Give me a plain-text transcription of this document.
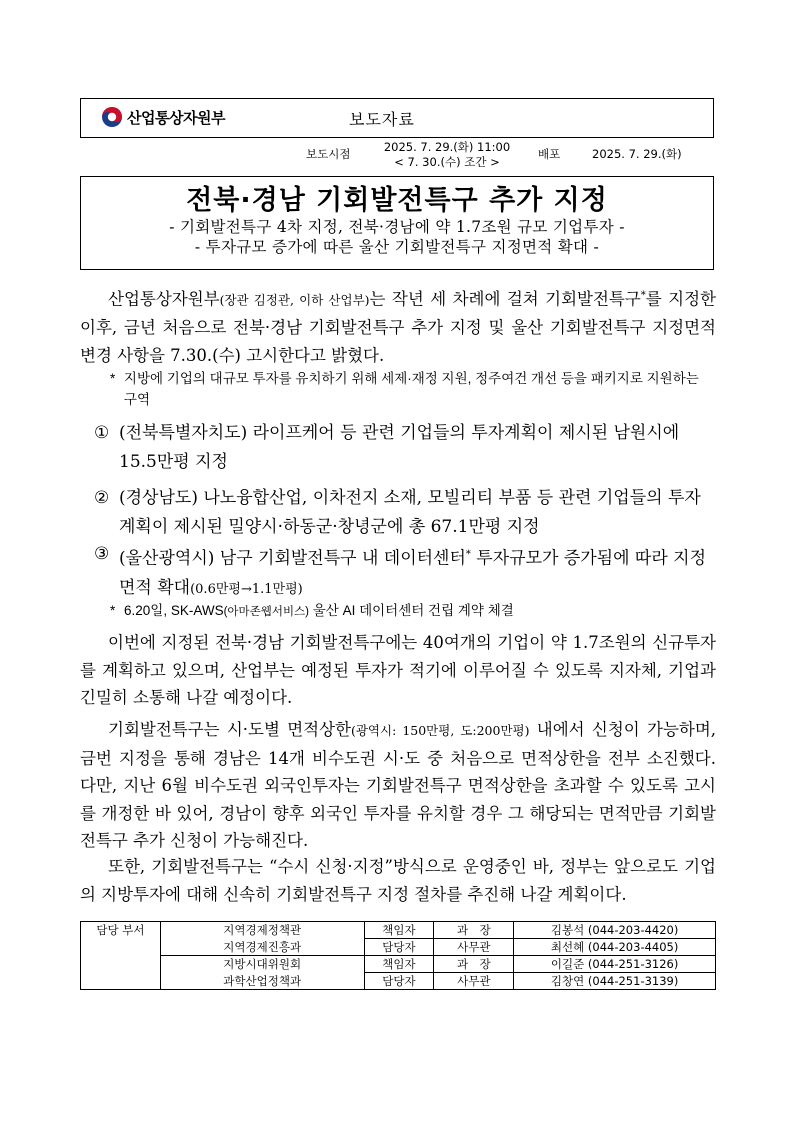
산업통상자원부	보도자료
보도시점	2025. 7. 29.(화) 11:00
< 7. 30.(수) 조간 >
배포	2025. 7. 29.(화)
전북·경남 기회발전특구 추가 지정
- 기회발전특구 4차 지정, 전북·경남에 약 1.7조원 규모 기업투자 -
- 투자규모 증가에 따른 울산 기회발전특구 지정면적 확대 -
산업통상자원부(장관 김정관, 이하 산업부)는 작년 세 차례에 걸쳐 기회발전특구*를 지정한 이후, 금년 처음으로 전북·경남 기회발전특구 추가 지정 및 울산 기회발전특구 지정면적 변경 사항을 7.30.(수) 고시한다고 밝혔다.
* 지방에 기업의 대규모 투자를 유치하기 위해 세제·재정 지원, 정주여건 개선 등을 패키지로 지원하는 구역
① (전북특별자치도) 라이프케어 등 관련 기업들의 투자계획이 제시된 남원시에 15.5만평 지정
② (경상남도) 나노융합산업, 이차전지 소재, 모빌리티 부품 등 관련 기업들의 투자계획이 제시된 밀양시·하동군·창녕군에 총 67.1만평 지정
③ (울산광역시) 남구 기회발전특구 내 데이터센터* 투자규모가 증가됨에 따라 지정면적 확대(0.6만평→1.1만평)
* 6.20일, SK-AWS(아마존웹서비스) 울산 AI 데이터센터 건립 계약 체결
이번에 지정된 전북·경남 기회발전특구에는 40여개의 기업이 약 1.7조원의 신규투자를 계획하고 있으며, 산업부는 예정된 투자가 적기에 이루어질 수 있도록 지자체, 기업과 긴밀히 소통해 나갈 예정이다.
기회발전특구는 시·도별 면적상한(광역시: 150만평, 도:200만평) 내에서 신청이 가능하며, 금번 지정을 통해 경남은 14개 비수도권 시·도 중 처음으로 면적상한을 전부 소진했다. 다만, 지난 6월 비수도권 외국인투자는 기회발전특구 면적상한을 초과할 수 있도록 고시를 개정한 바 있어, 경남이 향후 외국인 투자를 유치할 경우 그 해당되는 면적만큼 기회발전특구 추가 신청이 가능해진다.
또한, 기회발전특구는 “수시 신청·지정”방식으로 운영중인 바, 정부는 앞으로도 기업의 지방투자에 대해 신속히 기회발전특구 지정 절차를 추진해 나갈 계획이다.
담당 부서	지역경제정책관	책임자	과　장	김봉석 (044-203-4420)
	지역경제진흥과	담당자	사무관	최선혜 (044-203-4405)
	지방시대위원회	책임자	과　장	이길준 (044-251-3126)
	과학산업정책과	담당자	사무관	김창연 (044-251-3139)
